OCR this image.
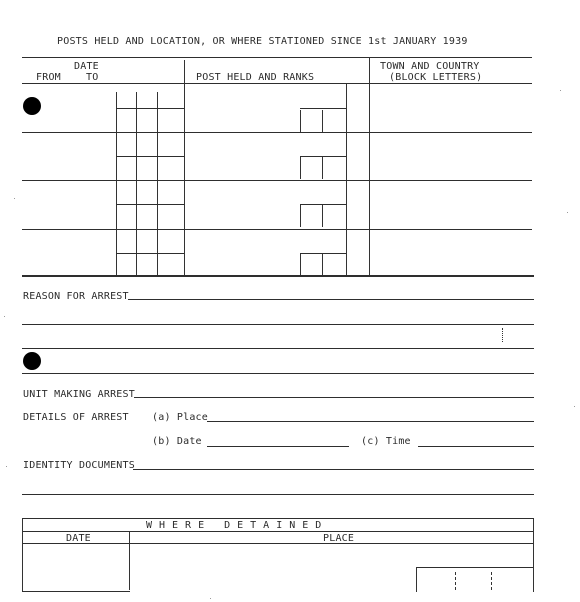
POSTS HELD AND LOCATION, OR WHERE STATIONED SINCE 1st JANUARY 1939
DATE
FROM	TO	POST HELD AND RANKS
TOWN AND COUNTRY
(BLOCK LETTERS)
REASON FOR ARREST
UNIT MAKING ARREST
DETAILS OF ARREST (a) Place
(b) Date	(c) Time
IDENTITY DOCUMENTS
WHERE DETAINED
DATE	PLACE
